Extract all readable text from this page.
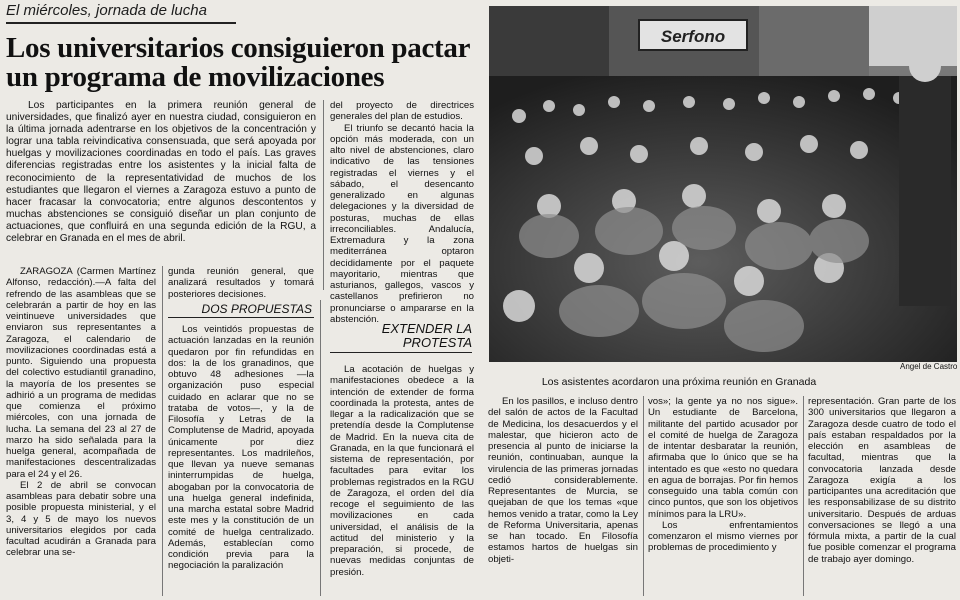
El miércoles, jornada de lucha
Los universitarios consiguieron pactar un programa de movilizaciones
Los participantes en la primera reunión general de universidades, que finalizó ayer en nuestra ciudad, consiguieron en la última jornada adentrarse en los objetivos de la concentración y lograr una tabla reivindicativa consensuada, que será apoyada por huelgas y movilizaciones coordinadas en todo el país. Las graves diferencias registradas entre los asistentes y la inicial falta de reconocimiento de la representatividad de muchos de los estudiantes que llegaron el viernes a Zaragoza estuvo a punto de hacer fracasar la convocatoria; entre algunos descontentos y muchas abstenciones se consiguió diseñar un plan conjunto de actuaciones, que confluirá en una segunda edición de la RGU, a celebrar en Granada en el mes de abril.

del proyecto de directrices generales del plan de estudios.

El triunfo se decantó hacia la opción más moderada, con un alto nivel de abstenciones, claro indicativo de las tensiones registradas el viernes y el sábado, el desencanto generalizado en algunas delegaciones y la diversidad de posturas, muchas de ellas irreconciliables. Andalucía, Extremadura y la zona mediterránea optaron decididamente por el paquete mayoritario, mientras que asturianos, gallegos, vascos y castellanos prefirieron no pronunciarse o ampararse en la abstención.

ZARAGOZA (Carmen Martínez Alfonso, redacción).—A falta del refrendo de las asambleas que se celebrarán a partir de hoy en las veintinueve universidades que enviaron sus representantes a Zaragoza, el calendario de movilizaciones coordinadas está a punto. Siguiendo una propuesta del colectivo estudiantil granadino, la mayoría de los presentes se adhirió a un programa de medidas que comienza el próximo miércoles, con una jornada de lucha. La semana del 23 al 27 de marzo ha sido señalada para la huelga general, acompañada de manifestaciones descentralizadas para el 24 y el 26.

El 2 de abril se convocan asambleas para debatir sobre una posible propuesta ministerial, y el 3, 4 y 5 de mayo los nuevos universitarios elegidos por cada facultad acudirán a Granada para celebrar una se-

gunda reunión general, que analizará resultados y tomará posteriores decisiones.

DOS PROPUESTAS

Los veintidós propuestas de actuación lanzadas en la reunión quedaron por fin refundidas en dos: la de los granadinos, que obtuvo 48 adhesiones —la organización puso especial cuidado en aclarar que no se trataba de votos—, y la de Filosofía y Letras de la Complutense de Madrid, apoyada únicamente por diez representantes. Los madrileños, que llevan ya nueve semanas ininterrumpidas de huelga, abogaban por la convocatoria de una huelga general indefinida, una marcha estatal sobre Madrid este mes y la constitución de un comité de huelga centralizado. Además, establecían como condición previa para la negociación la paralización

EXTENDER LA PROTESTA

La acotación de huelgas y manifestaciones obedece a la intención de extender de forma coordinada la protesta, antes de llegar a la radicalización que se pretendía desde la Complutense de Madrid. En la nueva cita de Granada, en la que funcionará el sistema de representación, por facultades para evitar los problemas registrados en la RGU de Zaragoza, el orden del día recoge el seguimiento de las movilizaciones en cada universidad, el análisis de la actitud del ministerio y la preparación, si procede, de nuevas medidas conjuntas de presión.

Serfono
Angel de Castro
Los asistentes acordaron una próxima reunión en Granada

En los pasillos, e incluso dentro del salón de actos de la Facultad de Medicina, los desacuerdos y el malestar, que hicieron acto de presencia al punto de iniciarse la reunión, continuaban, aunque la virulencia de las primeras jornadas cedió considerablemente. Representantes de Murcia, se quejaban de que los temas «que hemos venido a tratar, como la Ley de Reforma Universitaria, apenas se han tocado. En Filosofía estamos hartos de huelgas sin objeti-

vos»; la gente ya no nos sigue». Un estudiante de Barcelona, militante del partido acusador por el comité de huelga de Zaragoza de intentar desbaratar la reunión, afirmaba que lo único que se ha intentado es que «esto no quedara en agua de borrajas. Por fin hemos conseguido una tabla común con cinco puntos, que son los objetivos mínimos para la LRU».

Los enfrentamientos comenzaron el mismo viernes por problemas de procedimiento y

representación. Gran parte de los 300 universitarios que llegaron a Zaragoza desde cuatro de todo el país estaban respaldados por la elección en asambleas de facultad, mientras que la convocatoria lanzada desde Zaragoza exigía a los participantes una acreditación que les responsabilizase de su distrito universitario. Después de arduas conversaciones se llegó a una fórmula mixta, a partir de la cual fue posible comenzar el programa de trabajo ayer domingo.
